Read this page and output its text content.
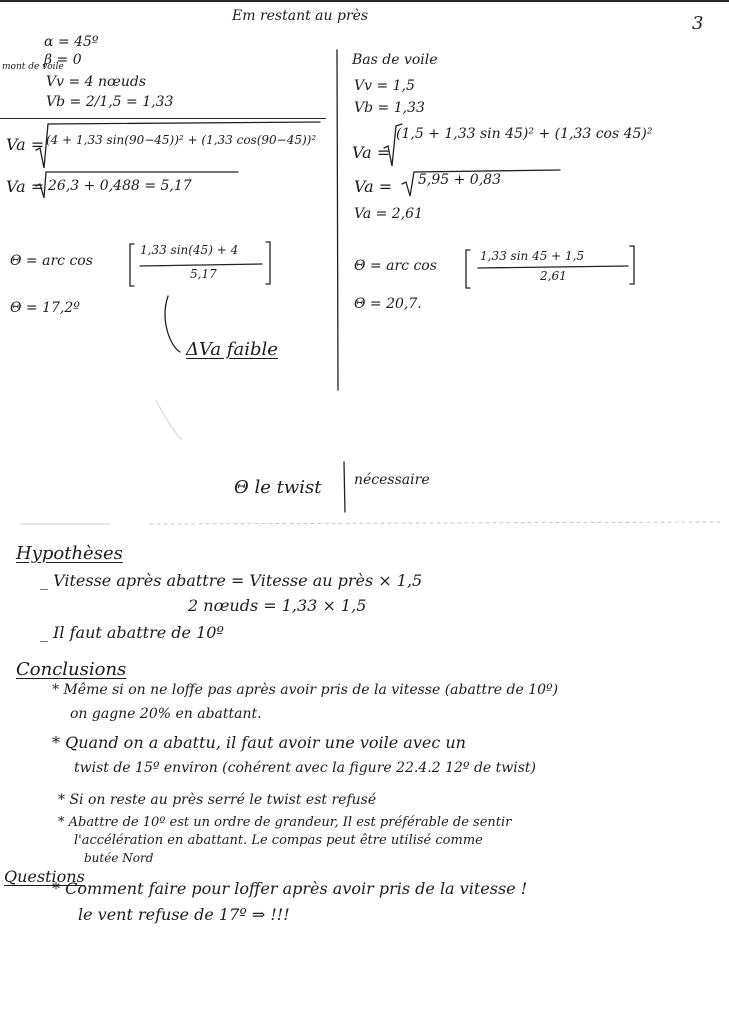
Em restant au près	3
α = 45º
β = 0
mont de voile
Vv = 4 nœuds
Vb = 2/1,5 = 1,33
Va = (4 + 1,33 sin(90−45))² + (1,33 cos(90−45))²
Va = 26,3 + 0,488 = 5,17
Θ = arc cos
1,33 sin(45) + 4
5,17
Θ = 17,2º
ΔVa faible
Bas de voile
Vv = 1,5
Vb = 1,33
Va =
(1,5 + 1,33 sin 45)² + (1,33 cos 45)²
Va = 5,95 + 0,83
Va = 2,61
Θ = arc cos
1,33 sin 45 + 1,5
2,61
Θ = 20,7.
Θ le twist nécessaire
Hypothèses
_ Vitesse après abattre = Vitesse au près × 1,5
2 nœuds = 1,33 × 1,5
_ Il faut abattre de 10º
Conclusions
* Même si on ne loffe pas après avoir pris de la vitesse (abattre de 10º)
on gagne 20% en abattant.
* Quand on a abattu, il faut avoir une voile avec un
twist de 15º environ (cohérent avec la figure 22.4.2 12º de twist)
* Si on reste au près serré le twist est refusé
* Abattre de 10º est un ordre de grandeur, Il est préférable de sentir
l'accélération en abattant. Le compas peut être utilisé comme
butée Nord
Questions
* Comment faire pour loffer après avoir pris de la vitesse !
le vent refuse de 17º ⇒ !!!
